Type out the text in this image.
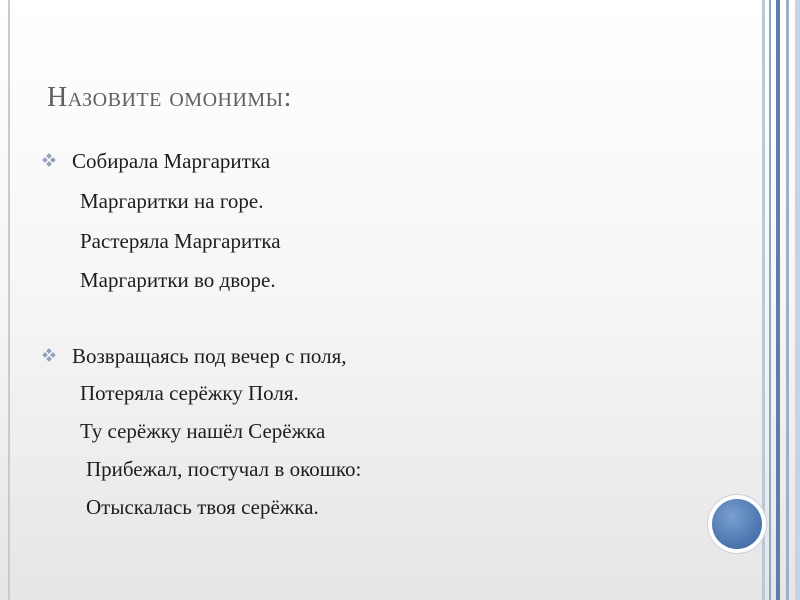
Назовите омонимы:
Собирала Маргаритка
Маргаритки на горе.
Растеряла Маргаритка
Маргаритки во дворе.
Возвращаясь под вечер с поля,
Потеряла серёжку Поля.
Ту серёжку нашёл Серёжка
Прибежал, постучал в окошко:
Отыскалась твоя серёжка.
